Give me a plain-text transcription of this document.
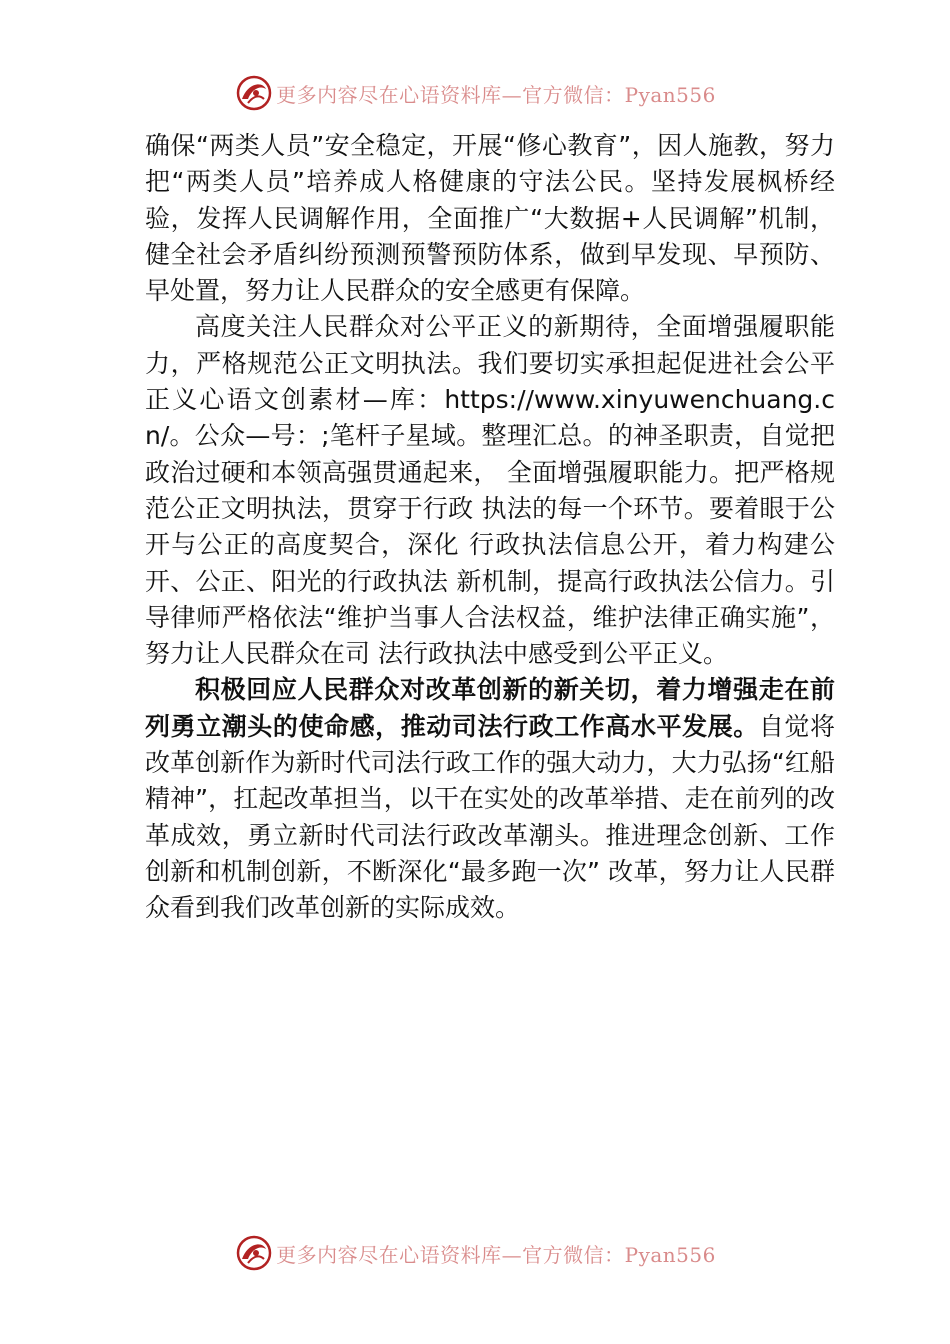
更多内容尽在心语资料库—官方微信：Pyan556

确保“两类人员”安全稳定，开展“修心教育”，因人施教，努力把“两类人员”培养成人格健康的守法公民。坚持发展枫桥经验，发挥人民调解作用，全面推广“大数据+人民调解”机制，健全社会矛盾纠纷预测预警预防体系，做到早发现、早预防、早处置，努力让人民群众的安全感更有保障。

高度关注人民群众对公平正义的新期待，全面增强履职能力，严格规范公正文明执法。我们要切实承担起促进社会公平正义心语文创素材—库：https://www.xinyuwenchuang.cn/。公众—号：;笔杆子星域。整理汇总。的神圣职责，自觉把政治过硬和本领高强贯通起来， 全面增强履职能力。把严格规范公正文明执法，贯穿于行政 执法的每一个环节。要着眼于公开与公正的高度契合，深化 行政执法信息公开，着力构建公开、公正、阳光的行政执法 新机制，提高行政执法公信力。引导律师严格依法“维护当事人合法权益，维护法律正确实施”，努力让人民群众在司 法行政执法中感受到公平正义。

积极回应人民群众对改革创新的新关切，着力增强走在前列勇立潮头的使命感，推动司法行政工作高水平发展。自觉将改革创新作为新时代司法行政工作的强大动力，大力弘扬“红船精神”，扛起改革担当，以干在实处的改革举措、走在前列的改革成效，勇立新时代司法行政改革潮头。推进理念创新、工作创新和机制创新，不断深化“最多跑一次” 改革，努力让人民群众看到我们改革创新的实际成效。

更多内容尽在心语资料库—官方微信：Pyan556
